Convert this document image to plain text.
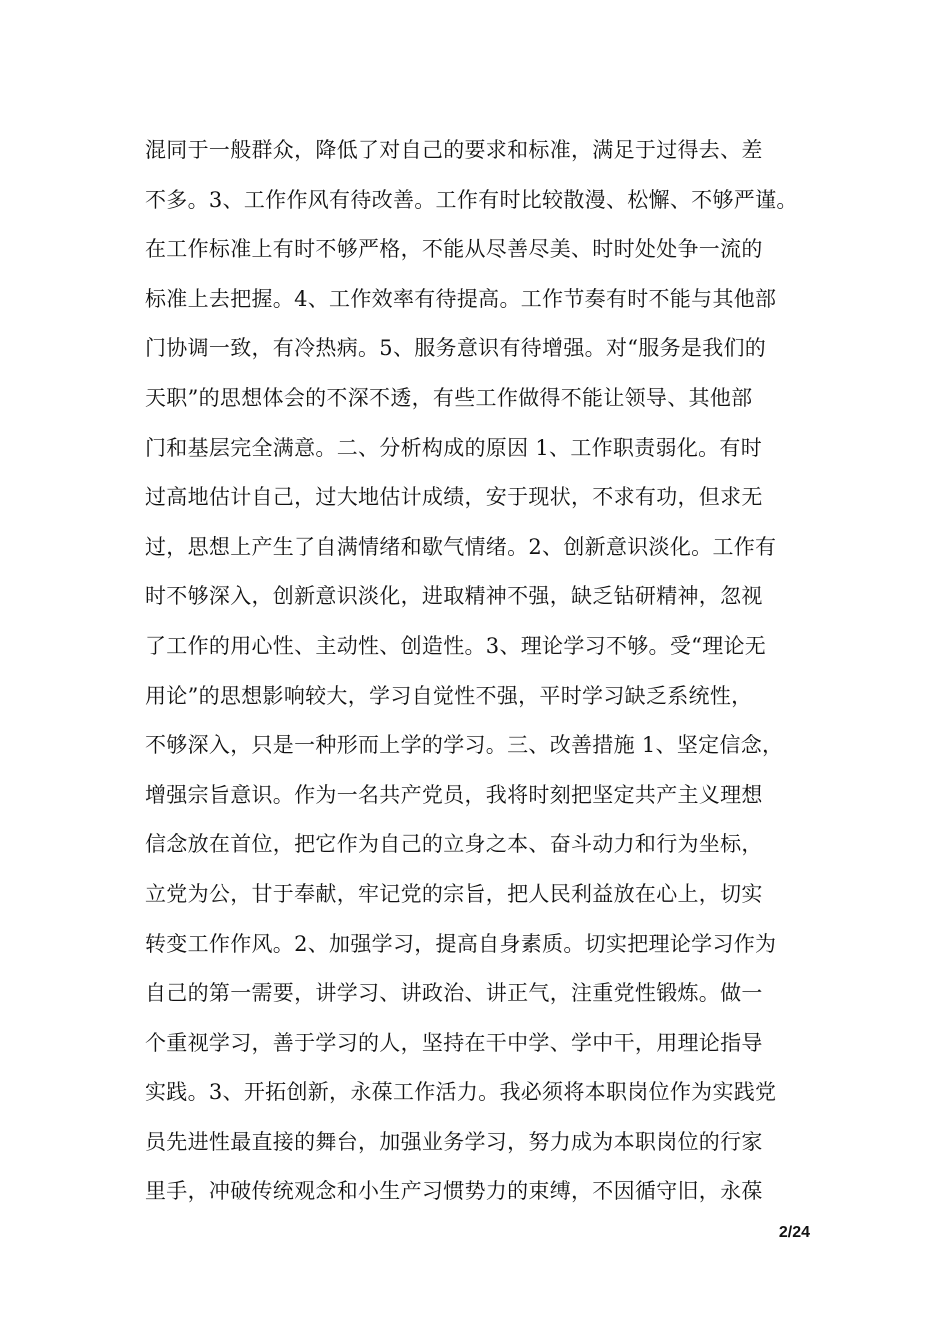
混同于一般群众，降低了对自己的要求和标准，满足于过得去、差
不多。3、工作作风有待改善。工作有时比较散漫、松懈、不够严谨。
在工作标准上有时不够严格，不能从尽善尽美、时时处处争一流的
标准上去把握。4、工作效率有待提高。工作节奏有时不能与其他部
门协调一致，有冷热病。5、服务意识有待增强。对“服务是我们的
天职”的思想体会的不深不透，有些工作做得不能让领导、其他部
门和基层完全满意。二、分析构成的原因 1、工作职责弱化。有时
过高地估计自己，过大地估计成绩，安于现状，不求有功，但求无
过，思想上产生了自满情绪和歇气情绪。2、创新意识淡化。工作有
时不够深入，创新意识淡化，进取精神不强，缺乏钻研精神，忽视
了工作的用心性、主动性、创造性。3、理论学习不够。受“理论无
用论”的思想影响较大，学习自觉性不强，平时学习缺乏系统性，
不够深入，只是一种形而上学的学习。三、改善措施 1、坚定信念，
增强宗旨意识。作为一名共产党员，我将时刻把坚定共产主义理想
信念放在首位，把它作为自己的立身之本、奋斗动力和行为坐标，
立党为公，甘于奉献，牢记党的宗旨，把人民利益放在心上，切实
转变工作作风。2、加强学习，提高自身素质。切实把理论学习作为
自己的第一需要，讲学习、讲政治、讲正气，注重党性锻炼。做一
个重视学习，善于学习的人，坚持在干中学、学中干，用理论指导
实践。3、开拓创新，永葆工作活力。我必须将本职岗位作为实践党
员先进性最直接的舞台，加强业务学习，努力成为本职岗位的行家
里手，冲破传统观念和小生产习惯势力的束缚，不因循守旧，永葆
2/24
